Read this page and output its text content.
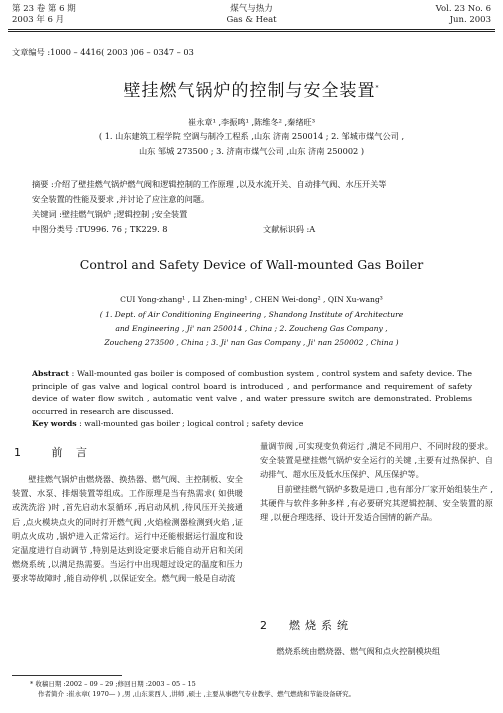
第 23 卷 第 6 期
2003 年 6 月
煤气与热力
Gas & Heat
Vol. 23 No. 6
Jun. 2003
文章编号 :1000 – 4416( 2003 )06 – 0347 – 03
壁挂燃气锅炉的控制与安全装置*
崔永章¹ ,李振鸣¹ ,陈维冬² ,秦绪旺³
( 1. 山东建筑工程学院 空调与制冷工程系 ,山东 济南 250014 ; 2. 邹城市煤气公司 ,
山东 邹城 273500 ; 3. 济南市煤气公司 ,山东 济南 250002 )
摘要 :介绍了壁挂燃气锅炉燃气阀和逻辑控制的工作原理 ,以及水流开关、自动排气阀、水压开关等
安全装置的性能及要求 ,并讨论了应注意的问题。
关键词 :壁挂燃气锅炉 ;逻辑控制 ;安全装置
中图分类号 :TU996. 76 ; TK229. 8	文献标识码 :A
Control and Safety Device of Wall-mounted Gas Boiler
CUI Yong-zhang¹ , LI Zhen-ming¹ , CHEN Wei-dong² , QIN Xu-wang³
( 1. Dept. of Air Conditioning Engineering , Shandong Institute of Architecture
and Engineering , Ji' nan 250014 , China ; 2. Zoucheng Gas Company ,
Zoucheng 273500 , China ; 3. Ji' nan Gas Company , Ji' nan 250002 , China )
Abstract : Wall-mounted gas boiler is composed of combustion system , control system and safety device. The principle of gas valve and logical control board is introduced , and performance and requirement of safety device of water flow switch , automatic vent valve , and water pressure switch are demonstrated. Problems occurred in research are discussed.
Key words : wall-mounted gas boiler ; logical control ; safety device
1 前 言

壁挂燃气锅炉由燃烧器、换热器、燃气阀、主控制板、安全装置、水泵、排烟装置等组成。工作原理是当有热需求( 如供暖或洗洗浴 )时 ,首先启动水泵循环 ,再启动风机 ,待风压开关接通后 ,点火模块点火的同时打开燃气阀 ,火焰检测器检测到火焰 ,证明点火成功 ,锅炉进入正常运行。运行中还能根据运行温度和设定温度进行自动调节 ,特别是达到设定要求后能自动开启和关闭燃烧系统 ,以满足热需要。当运行中出现超过设定的温度和压力要求等故障时 ,能自动停机 ,以保证安全。燃气阀一般是自动流

量调节阀 ,可实现变负荷运行 ,满足不同用户、不同时段的要求。安全装置是壁挂燃气锅炉安全运行的关键 ,主要有过热保护、自动排气、超水压及低水压保护、风压保护等。

目前壁挂燃气锅炉多数是进口 ,也有部分厂家开始组装生产 ,其硬件与软件多种多样 ,有必要研究其逻辑控制、安全装置的原理 ,以便合理选择、设计开发适合国情的新产品。

2 燃烧系统

燃烧系统由燃烧器、燃气阀和点火控制模块组

* 收稿日期 :2002 – 09 – 29 ;修回日期 :2003 – 05 – 15
作者简介 :崔永章( 1970— ) ,男 ,山东莱西人 ,讲师 ,硕士 ,主要从事燃气专业教学、燃气燃烧和节能设备研究。
